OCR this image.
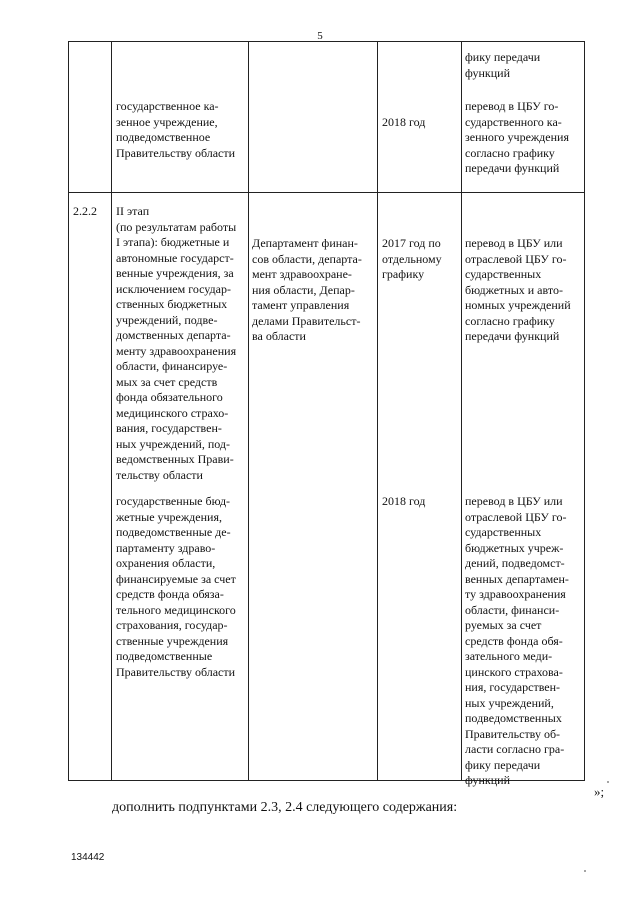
5
фику передачи
функций
государственное ка-
зенное учреждение,
подведомственное
Правительству области
2018 год
перевод в ЦБУ го-
сударственного ка-
зенного учреждения
согласно графику
передачи функций
2.2.2	II этап
(по результатам работы
I этапа): бюджетные и
автономные государст-
венные учреждения, за
исключением государ-
ственных бюджетных
учреждений, подве-
домственных департа-
менту здравоохранения
области, финансируе-
мых за счет средств
фонда обязательного
медицинского страхо-
вания, государствен-
ных учреждений, под-
ведомственных Прави-
тельству области
Департамент финан-
сов области, департа-
мент здравоохране-
ния области, Депар-
тамент управления
делами Правительст-
ва области
2017 год по
отдельному
графику
перевод в ЦБУ или
отраслевой ЦБУ го-
сударственных
бюджетных и авто-
номных учреждений
согласно графику
передачи функций
государственные бюд-
жетные учреждения,
подведомственные де-
партаменту здраво-
охранения области,
финансируемые за счет
средств фонда обяза-
тельного медицинского
страхования, государ-
ственные учреждения
подведомственные
Правительству области
2018 год	перевод в ЦБУ или
отраслевой ЦБУ го-
сударственных
бюджетных учреж-
дений, подведомст-
венных департамен-
ту здравоохранения
области, финанси-
руемых за счет
средств фонда обя-
зательного меди-
цинского страхова-
ния, государствен-
ных учреждений,
подведомственных
Правительству об-
ласти согласно гра-
фику передачи
функций
»;
дополнить подпунктами 2.3, 2.4 следующего содержания:
134442
